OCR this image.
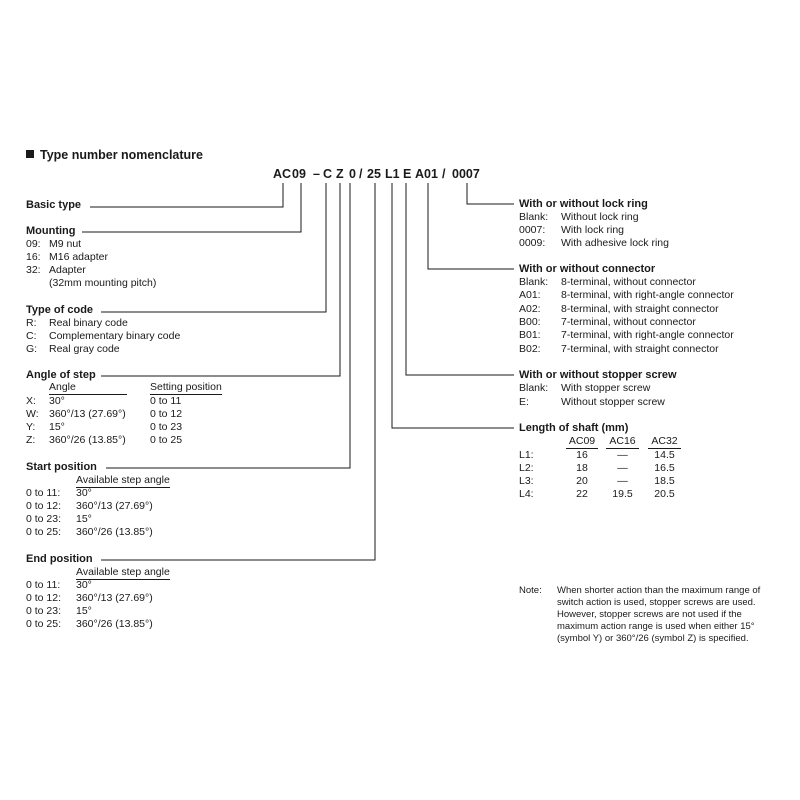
Type number nomenclature
AC 09 – C Z 0 / 25 L1 E A01 / 0007
Basic type
Mounting
09: M9 nut
16: M16 adapter
32: Adapter
(32mm mounting pitch)
Type of code
R: Real binary code
C: Complementary binary code
G: Real gray code
Angle of step
Angle	Setting position
X: 30°	0 to 11
W: 360°/13 (27.69°) 0 to 12
Y: 15°	0 to 23
Z: 360°/26 (13.85°) 0 to 25
Start position
Available step angle
0 to 11: 30°
0 to 12: 360°/13 (27.69°)
0 to 23: 15°
0 to 25: 360°/26 (13.85°)
End position
Available step angle
0 to 11: 30°
0 to 12: 360°/13 (27.69°)
0 to 23: 15°
0 to 25: 360°/26 (13.85°)
With or without lock ring
Blank: Without lock ring
0007: With lock ring
0009: With adhesive lock ring
With or without connector
Blank: 8-terminal, without connector
A01: 8-terminal, with right-angle connector
A02: 8-terminal, with straight connector
B00: 7-terminal, without connector
B01: 7-terminal, with right-angle connector
B02: 7-terminal, with straight connector
With or without stopper screw
Blank: With stopper screw
E:	Without stopper screw
Length of shaft (mm)
AC09	AC16	AC32
L1:	16	—	14.5
L2:	18	—	16.5
L3:	20	—	18.5
L4:	22	19.5	20.5
Note: When shorter action than the maximum range of
switch action is used, stopper screws are used.
However, stopper screws are not used if the
maximum action range is used when either 15°
(symbol Y) or 360°/26 (symbol Z) is specified.
